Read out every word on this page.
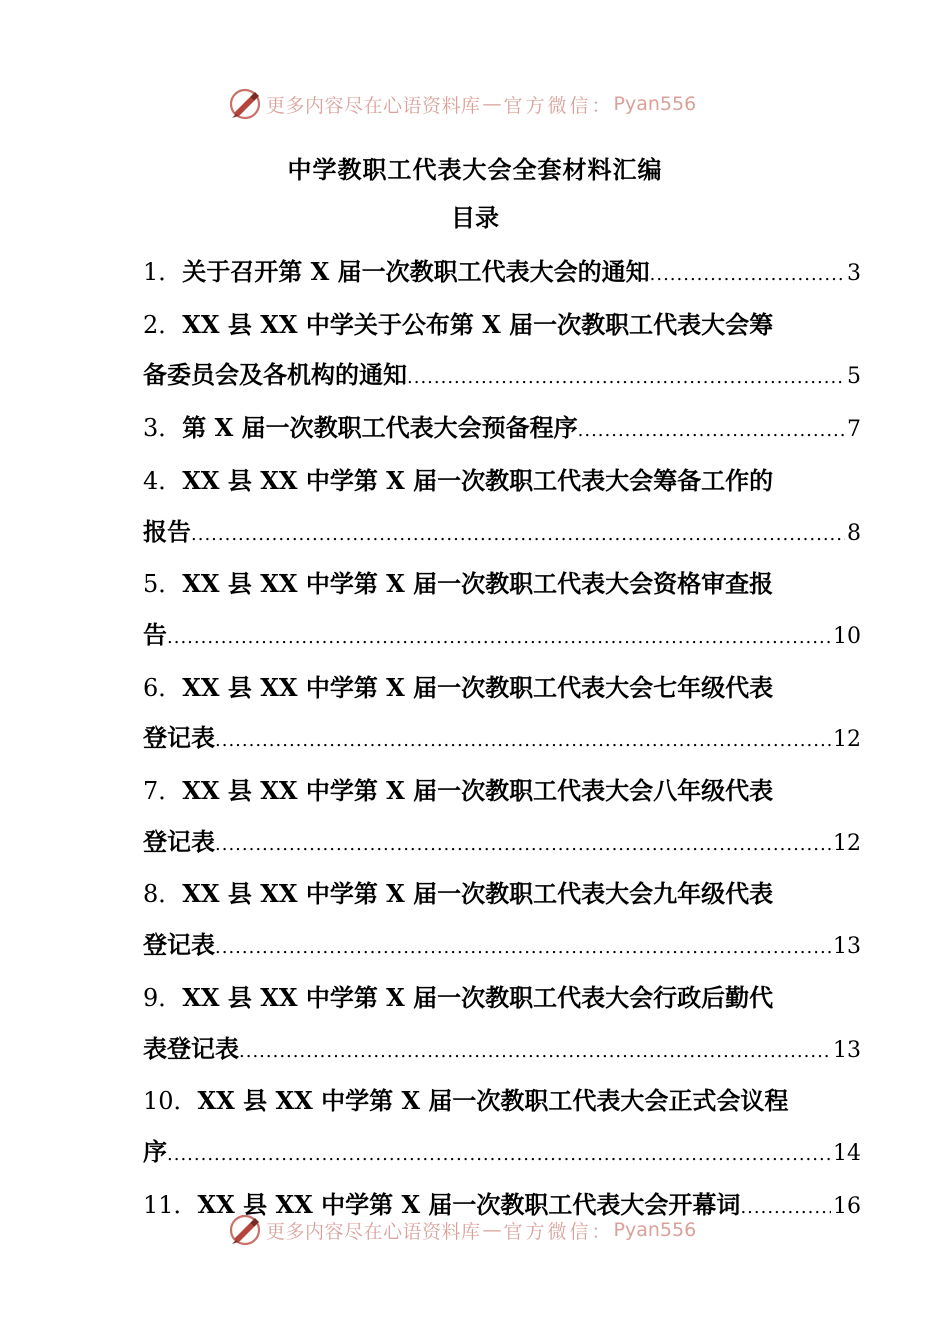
更多内容尽在心语资料库 — 官方微信： Pyan556
中学教职工代表大会全套材料汇编
目录
1．关于召开第 X 届一次教职工代表大会的通知 .....	3
2．XX 县 XX 中学关于公布第 X 届一次教职工代表大会筹
备委员会及各机构的通知 .....	5
3．第 X 届一次教职工代表大会预备程序 .....	7
4．XX 县 XX 中学第 X 届一次教职工代表大会筹备工作的
报告 .....	8
5．XX 县 XX 中学第 X 届一次教职工代表大会资格审查报
告 .....	10
6．XX 县 XX 中学第 X 届一次教职工代表大会七年级代表
登记表 .....	12
7．XX 县 XX 中学第 X 届一次教职工代表大会八年级代表
登记表 .....	12
8．XX 县 XX 中学第 X 届一次教职工代表大会九年级代表
登记表 .....	13
9．XX 县 XX 中学第 X 届一次教职工代表大会行政后勤代
表登记表 .....	13
10．XX 县 XX 中学第 X 届一次教职工代表大会正式会议程
序 .....	14
11．XX 县 XX 中学第 X 届一次教职工代表大会开幕词 .....	16
更多内容尽在心语资料库 — 官方微信： Pyan556
